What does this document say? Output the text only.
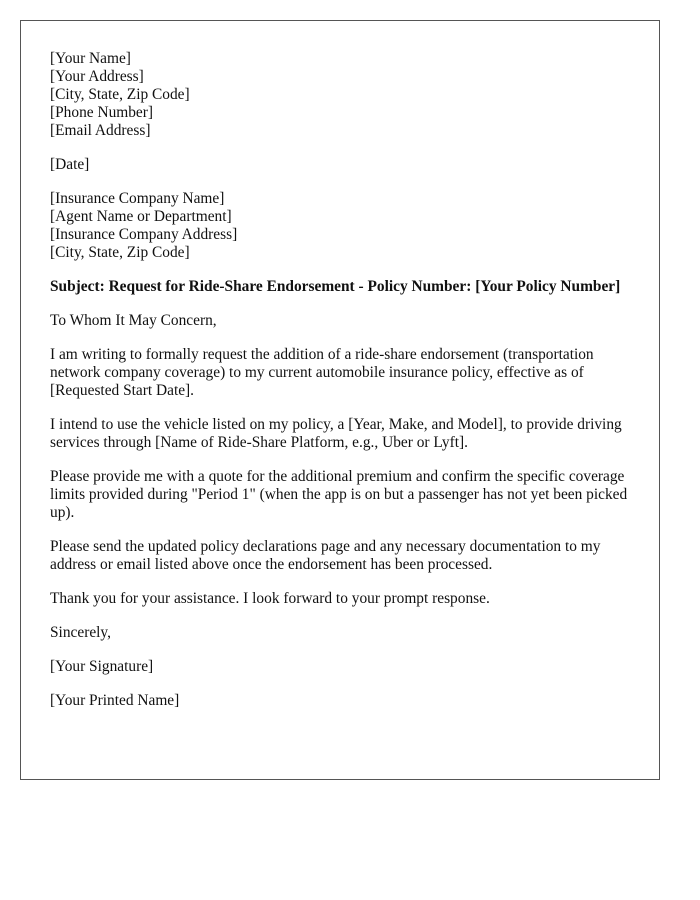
[Your Name]
[Your Address]
[City, State, Zip Code]
[Phone Number]
[Email Address]
[Date]
[Insurance Company Name]
[Agent Name or Department]
[Insurance Company Address]
[City, State, Zip Code]

Subject: Request for Ride-Share Endorsement - Policy Number: [Your Policy Number]

To Whom It May Concern,

I am writing to formally request the addition of a ride-share endorsement (transportation network company coverage) to my current automobile insurance policy, effective as of [Requested Start Date].

I intend to use the vehicle listed on my policy, a [Year, Make, and Model], to provide driving services through [Name of Ride-Share Platform, e.g., Uber or Lyft].

Please provide me with a quote for the additional premium and confirm the specific coverage limits provided during "Period 1" (when the app is on but a passenger has not yet been picked up).

Please send the updated policy declarations page and any necessary documentation to my address or email listed above once the endorsement has been processed.

Thank you for your assistance. I look forward to your prompt response.

Sincerely,

[Your Signature]

[Your Printed Name]
